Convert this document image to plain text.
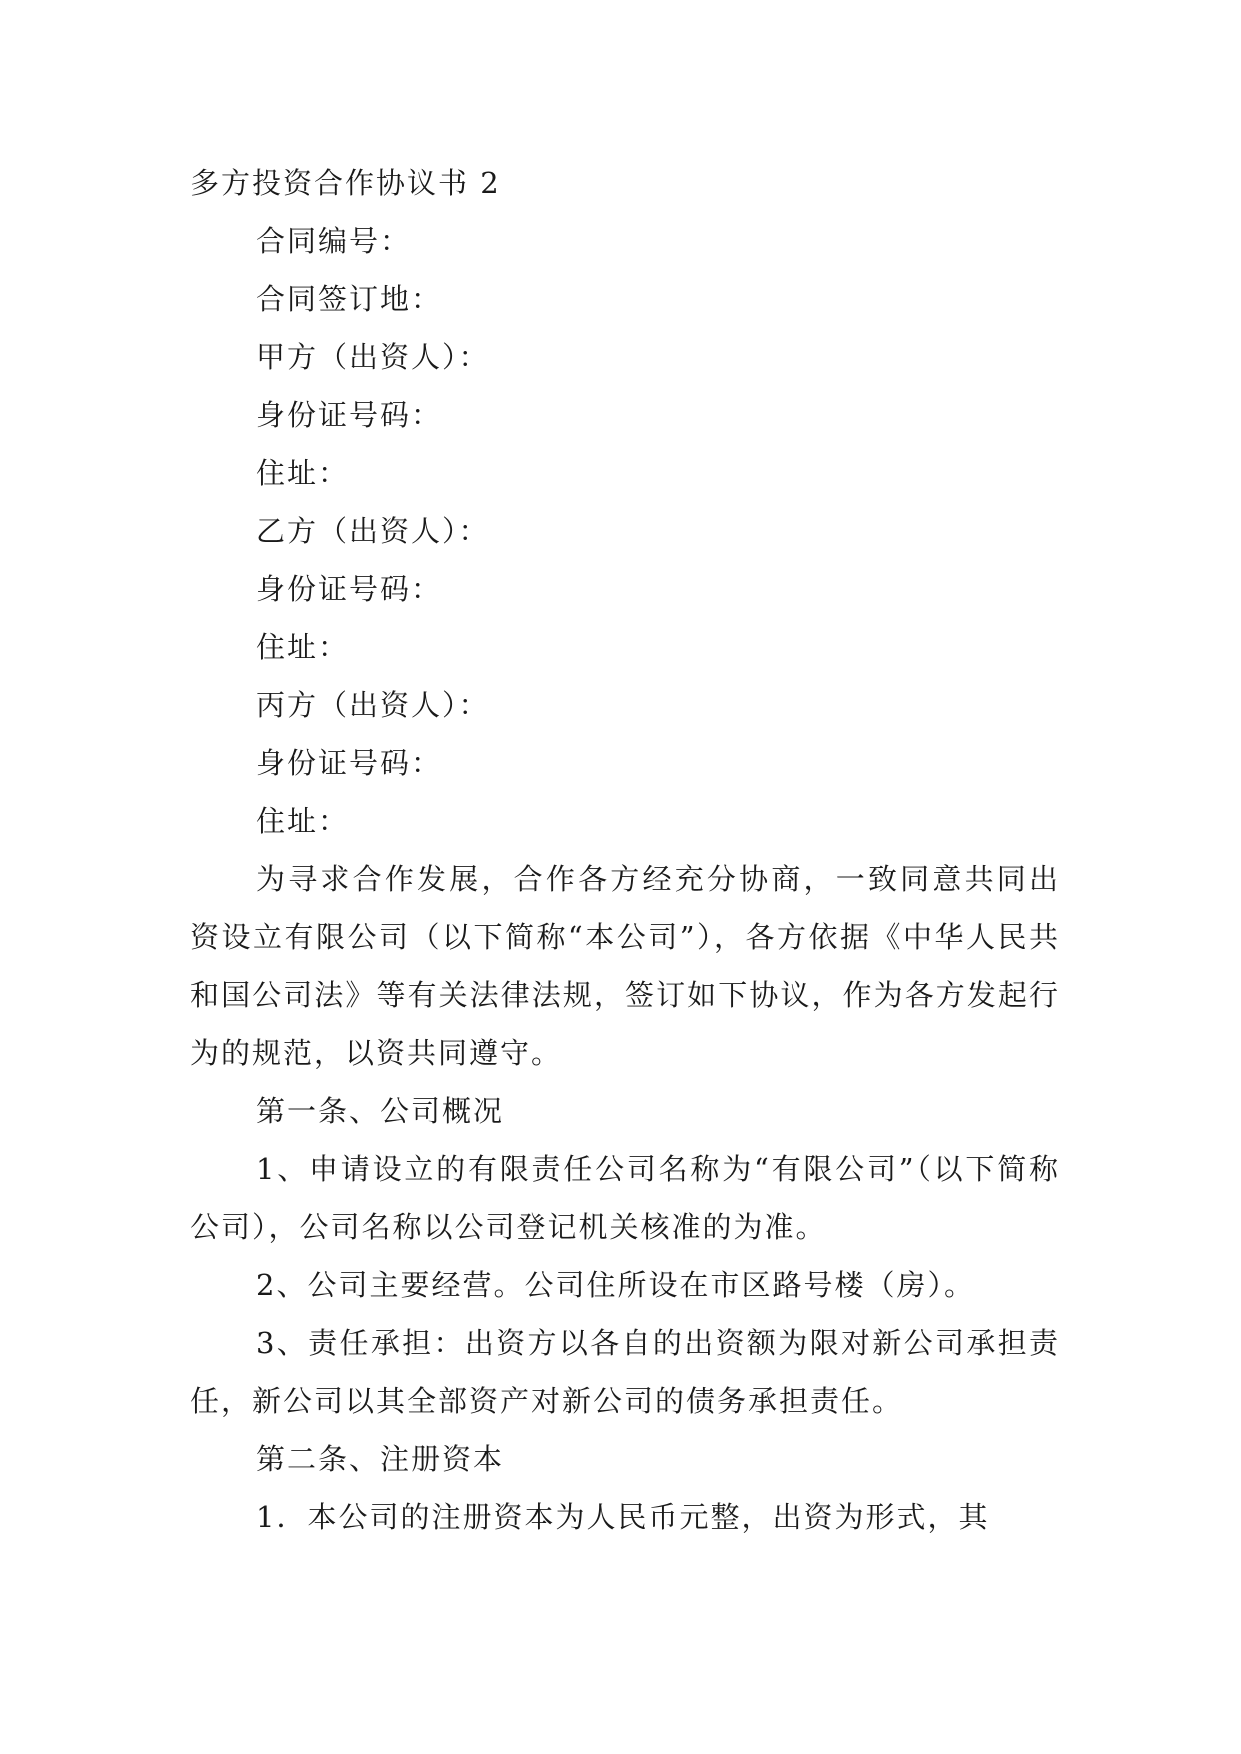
多方投资合作协议书 2

合同编号：

合同签订地：

甲方（出资人）：

身份证号码：

住址：

乙方（出资人）：

身份证号码：

住址：

丙方（出资人）：

身份证号码：

住址：

为寻求合作发展，合作各方经充分协商，一致同意共同出资设立有限公司（以下简称“本公司”），各方依据《中华人民共和国公司法》等有关法律法规，签订如下协议，作为各方发起行为的规范，以资共同遵守。

第一条、公司概况

1、申请设立的有限责任公司名称为“有限公司”（以下简称公司），公司名称以公司登记机关核准的为准。

2、公司主要经营。公司住所设在市区路号楼（房）。

3、责任承担：出资方以各自的出资额为限对新公司承担责任，新公司以其全部资产对新公司的债务承担责任。

第二条、注册资本

1．本公司的注册资本为人民币元整，出资为形式，其
